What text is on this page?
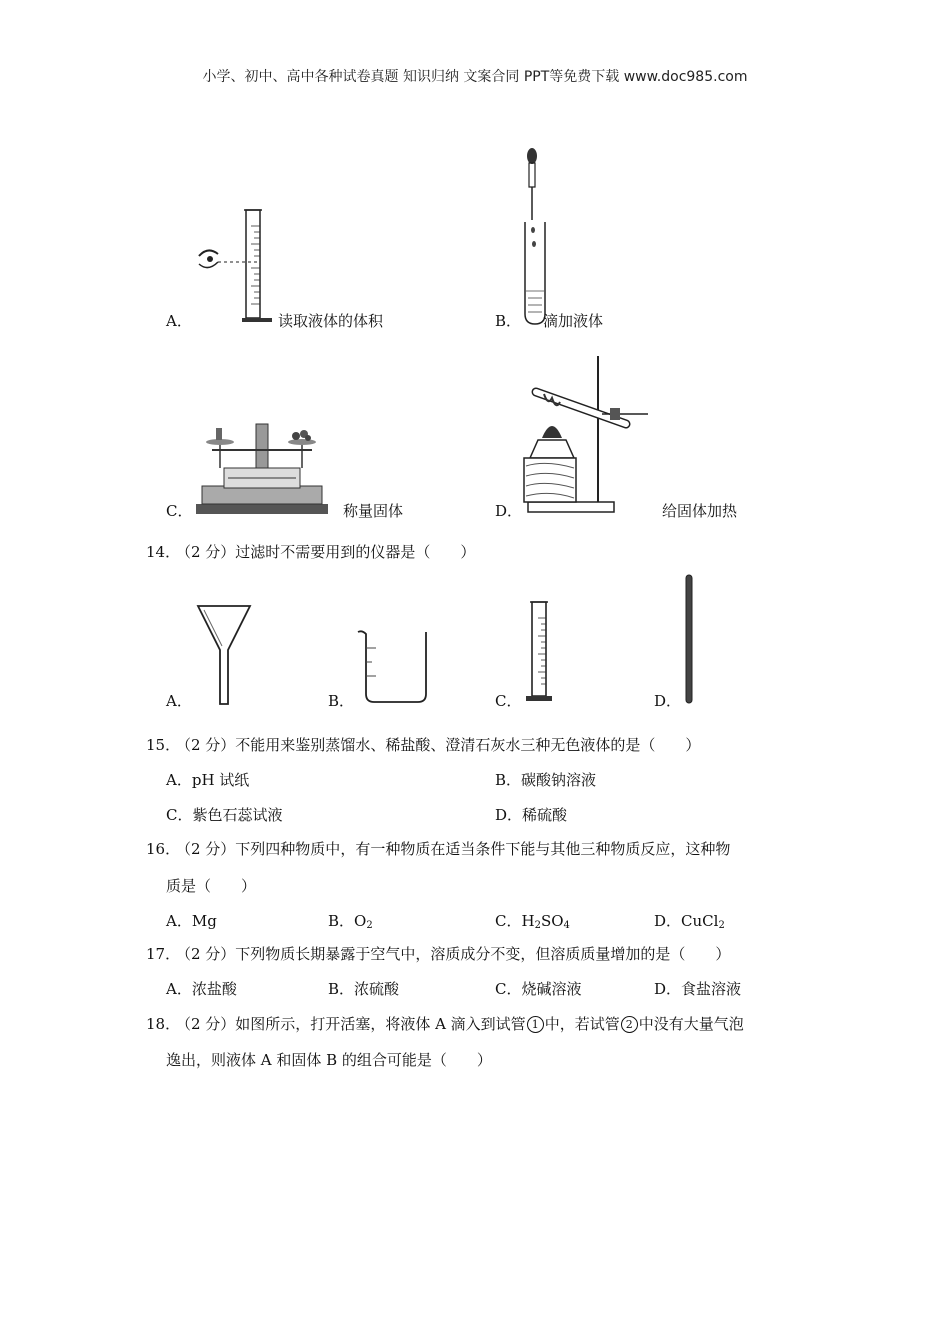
小学、初中、高中各种试卷真题 知识归纳 文案合同 PPT等免费下载 www.doc985.com
A．	读取液体的体积	B． 滴加液体
C．	称量固体	D．	给固体加热
14．
（2 分）过滤时不需要用到的仪器是（　　）
A．	B．	C．	D．
15．
（2 分）不能用来鉴别蒸馏水、稀盐酸、澄清石灰水三种无色液体的是（　　）
A．pH 试纸	B．碳酸钠溶液
C．紫色石蕊试液	D．稀硫酸
16．
（2 分）下列四种物质中，有一种物质在适当条件下能与其他三种物质反应，这种物
质是（　　）
A．Mg	B．$O_2$	C．$H_2SO_4$	D．CuCl$_2$
17．
（2 分）下列物质长期暴露于空气中，溶质成分不变，但溶质质量增加的是（　　）
A．浓盐酸	B．浓硫酸	C．烧碱溶液	D．食盐溶液
18．
（2 分）如图所示，打开活塞，将液体 A 滴入到试管 1 中，若试管 2 中没有大量气泡
逸出，则液体 A 和固体 B 的组合可能是（　　）
